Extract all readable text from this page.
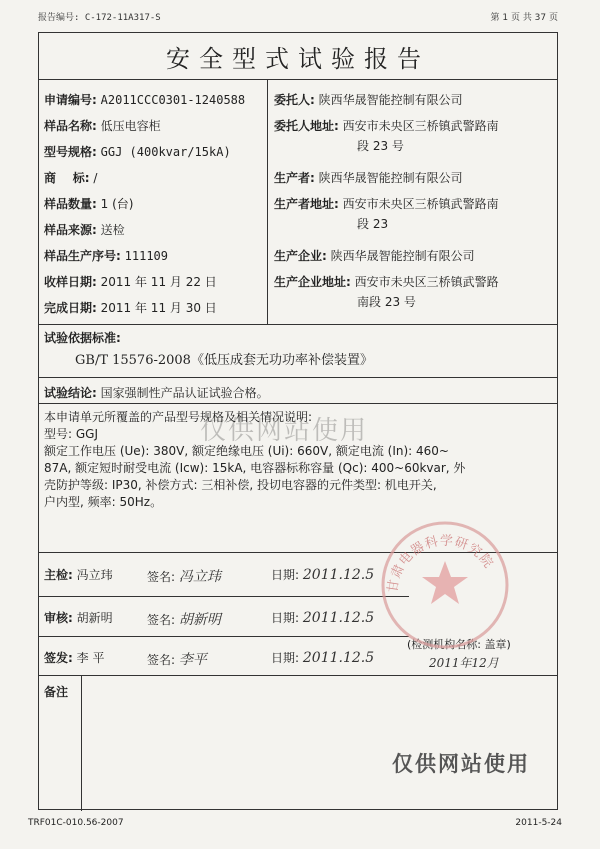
报告编号: C-172-11A317-S	第 1 页 共 37 页
安全型式试验报告
申请编号: A2011CCC0301-1240588
样品名称: 低压电容柜
型号规格: GGJ (400kvar/15kA)
商    标: /
样品数量: 1 (台)
样品来源: 送检
样品生产序号: 111109
收样日期: 2011 年 11 月 22 日
完成日期: 2011 年 11 月 30 日
委托人: 陕西华晟智能控制有限公司
委托人地址: 西安市未央区三桥镇武警路南
段 23 号
生产者: 陕西华晟智能控制有限公司
生产者地址: 西安市未央区三桥镇武警路南
段 23
生产企业: 陕西华晟智能控制有限公司
生产企业地址: 西安市未央区三桥镇武警路
南段 23 号
试验依据标准:
GB/T 15576-2008《低压成套无功功率补偿装置》
试验结论: 国家强制性产品认证试验合格。
本申请单元所覆盖的产品型号规格及相关情况说明:
型号: GGJ
额定工作电压 (Ue): 380V, 额定绝缘电压 (Ui): 660V, 额定电流 (In): 460~
87A, 额定短时耐受电流 (Icw): 15kA, 电容器标称容量 (Qc): 400~60kvar, 外
壳防护等级: IP30, 补偿方式: 三相补偿, 投切电容器的元件类型: 机电开关,
户内型, 频率: 50Hz。
主检: 冯立玮	签名: 冯立玮	日期: 2011.12.5
审核: 胡新明	签名: 胡新明	日期: 2011.12.5
签发: 李 平	签名: 李平	日期: 2011.12.5
(检测机构名称: 盖章)
2011年12月
备注
甘肃电器科学研究院
仅供网站使用
仅供网站使用
TRF01C-010.56-2007	2011-5-24
